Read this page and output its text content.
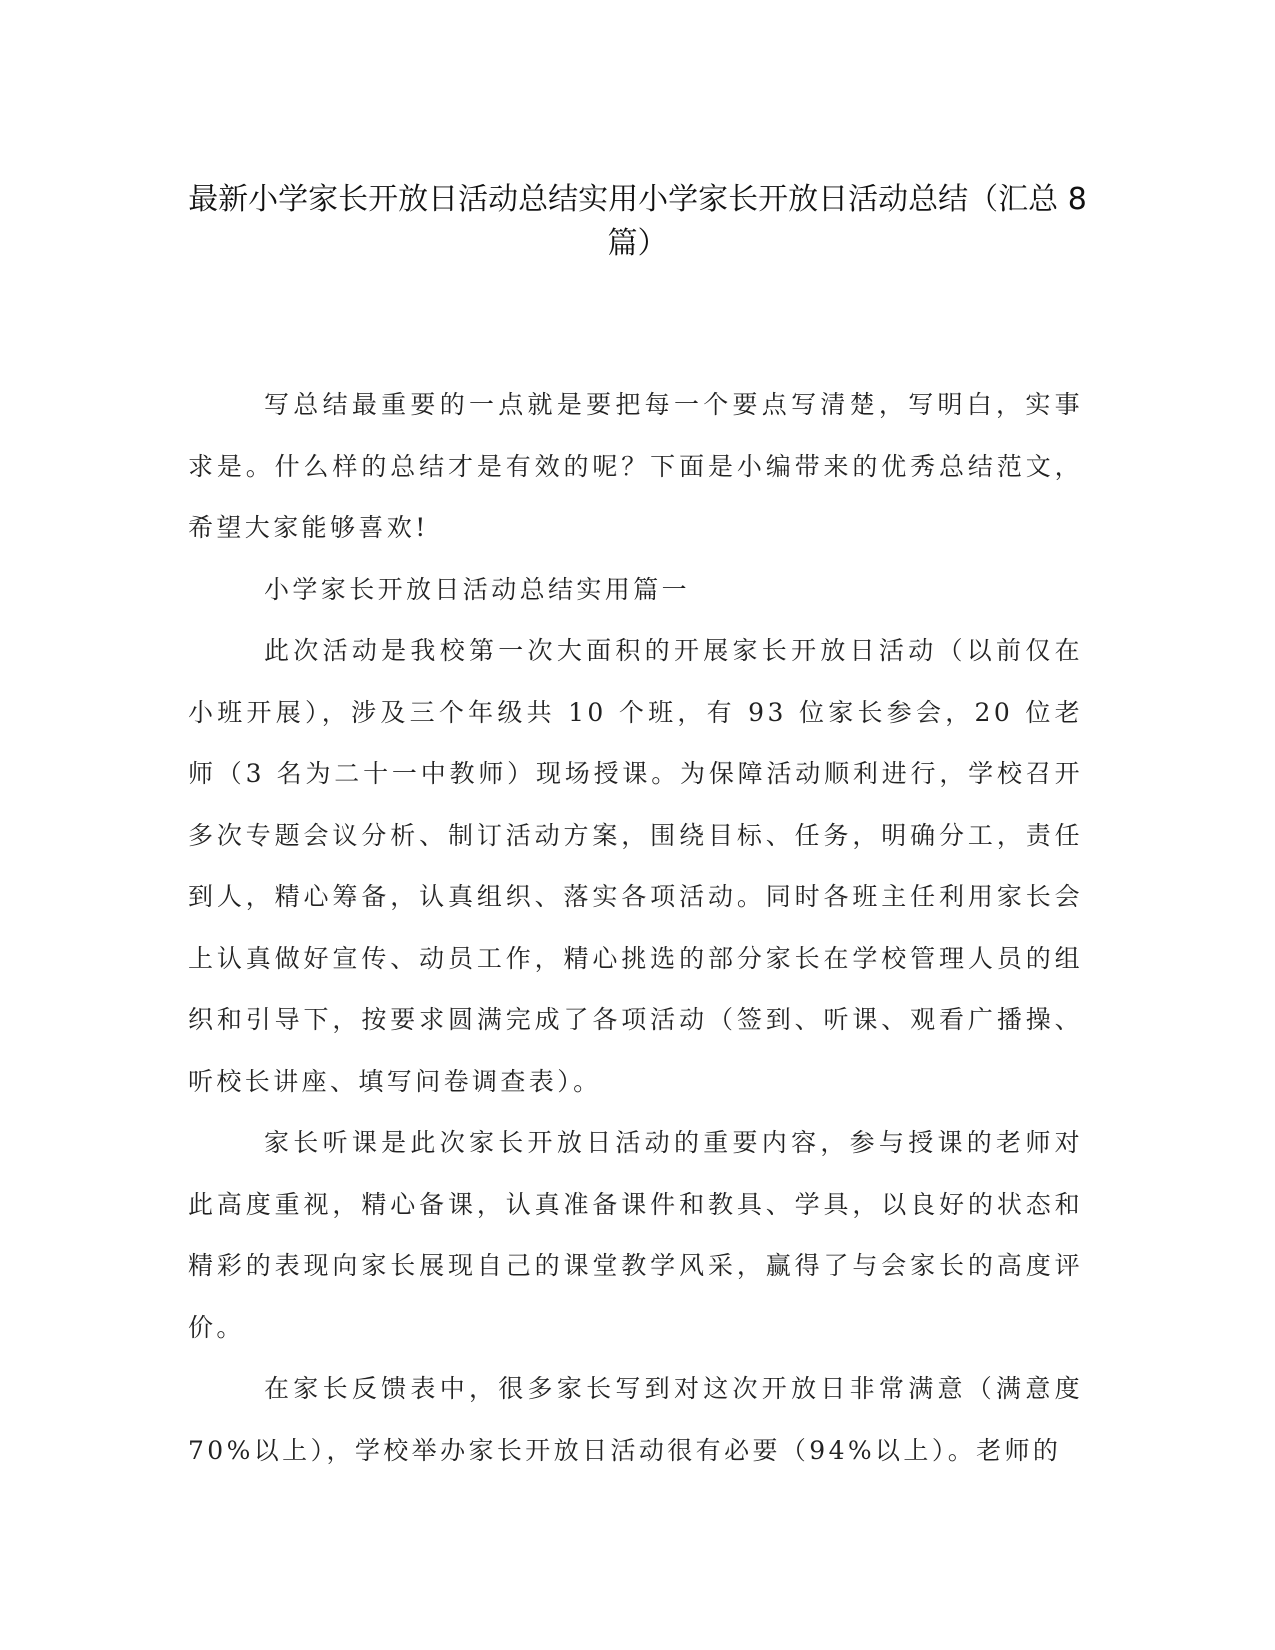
最新小学家长开放日活动总结实用小学家长开放日活动总结（汇总 8 篇）

写总结最重要的一点就是要把每一个要点写清楚，写明白，实事求是。什么样的总结才是有效的呢？下面是小编带来的优秀总结范文，希望大家能够喜欢!

小学家长开放日活动总结实用篇一

此次活动是我校第一次大面积的开展家长开放日活动（以前仅在小班开展），涉及三个年级共 10 个班，有 93 位家长参会，20 位老师（3 名为二十一中教师）现场授课。为保障活动顺利进行，学校召开多次专题会议分析、制订活动方案，围绕目标、任务，明确分工，责任到人，精心筹备，认真组织、落实各项活动。同时各班主任利用家长会上认真做好宣传、动员工作，精心挑选的部分家长在学校管理人员的组织和引导下，按要求圆满完成了各项活动（签到、听课、观看广播操、听校长讲座、填写问卷调查表）。

家长听课是此次家长开放日活动的重要内容，参与授课的老师对此高度重视，精心备课，认真准备课件和教具、学具，以良好的状态和精彩的表现向家长展现自己的课堂教学风采，赢得了与会家长的高度评价。

在家长反馈表中，很多家长写到对这次开放日非常满意（满意度 70%以上），学校举办家长开放日活动很有必要（94%以上）。老师的
